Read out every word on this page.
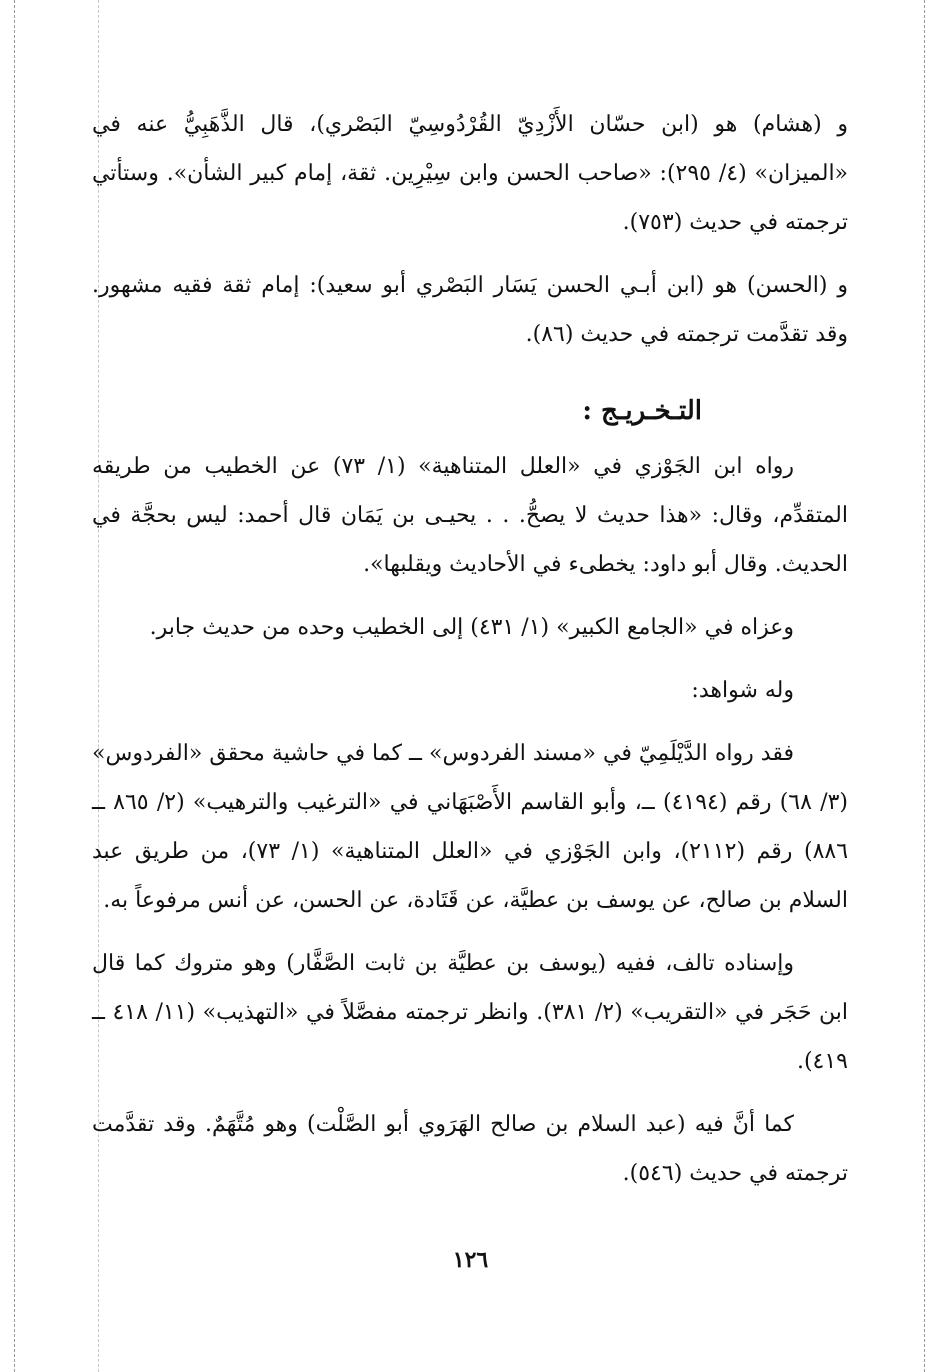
و (هشام) هو (ابن حسّان الأَزْدِيّ القُرْدُوسِيّ البَصْري)، قال الذَّهَبِيُّ عنه في «الميزان» (٤/ ٢٩٥): «صاحب الحسن وابن سِيْرِين. ثقة، إمام كبير الشأن». وستأتي ترجمته في حديث (٧٥٣).

و (الحسن) هو (ابن أبـي الحسن يَسَار البَصْري أبو سعيد): إمام ثقة فقيه مشهور. وقد تقدَّمت ترجمته في حديث (٨٦).

التـخـريـج :

رواه ابن الجَوْزي في «العلل المتناهية» (١/ ٧٣) عن الخطيب من طريقه المتقدِّم، وقال: «هذا حديث لا يصحُّ. . . يحيـى بن يَمَان قال أحمد: ليس بحجَّة في الحديث. وقال أبو داود: يخطىء في الأحاديث ويقلبها».

وعزاه في «الجامع الكبير» (١/ ٤٣١) إلى الخطيب وحده من حديث جابر.

وله شواهد:

فقد رواه الدَّيْلَمِيّ في «مسند الفردوس» ــ كما في حاشية محقق «الفردوس» (٣/ ٦٨) رقم (٤١٩٤) ــ، وأبو القاسم الأَصْبَهَاني في «الترغيب والترهيب» (٢/ ٨٦٥ ــ ٨٨٦) رقم (٢١١٢)، وابن الجَوْزي في «العلل المتناهية» (١/ ٧٣)، من طريق عبد السلام بن صالح، عن يوسف بن عطيَّة، عن قَتَادة، عن الحسن، عن أنس مرفوعاً به.

وإسناده تالف، ففيه (يوسف بن عطيَّة بن ثابت الصَّفَّار) وهو متروك كما قال ابن حَجَر في «التقريب» (٢/ ٣٨١). وانظر ترجمته مفصَّلاً في «التهذيب» (١١/ ٤١٨ ــ ٤١٩).

كما أنَّ فيه (عبد السلام بن صالح الهَرَوي أبو الصَّلْت) وهو مُتَّهَمٌ. وقد تقدَّمت ترجمته في حديث (٥٤٦).

١٢٦
